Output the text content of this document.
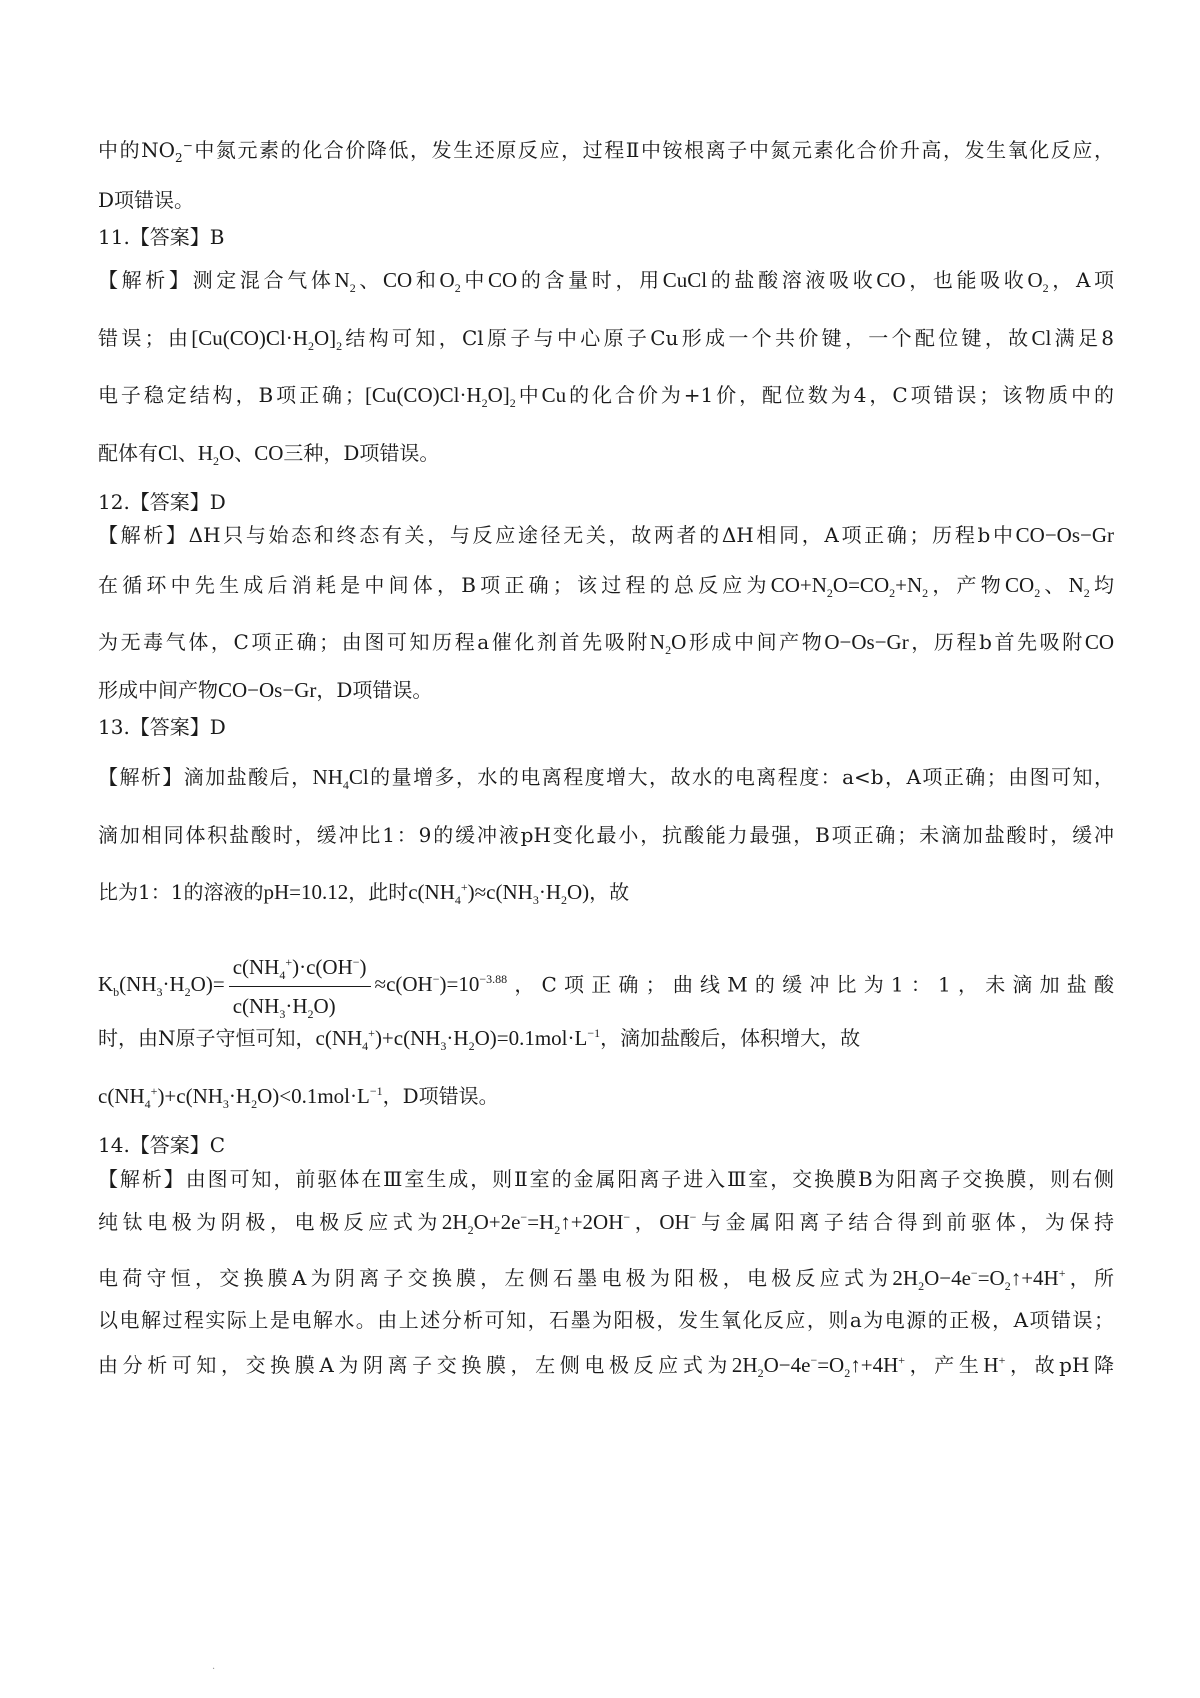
中的$NO_2^-$中氮元素的化合价降低，发生还原反应，过程Ⅱ中铵根离子中氮元素化合价升高，发生氧化反应，
D项错误。
11.【答案】B
【解析】测定混合气体$N_2$、CO和$O_2$中CO的含量时，用CuCl的盐酸溶液吸收CO，也能吸收$O_2$，A项
错误；由$[Cu(CO)Cl\cdot H_2O]_2$结构可知，Cl原子与中心原子Cu形成一个共价键，一个配位键，故Cl满足8
电子稳定结构，B项正确；$[Cu(CO)Cl\cdot H_2O]_2$中Cu的化合价为+1价，配位数为4，C项错误；该物质中的
配体有Cl、$H_2O$、CO三种，D项错误。
12.【答案】D
【解析】ΔH只与始态和终态有关，与反应途径无关，故两者的ΔH相同，A项正确；历程b中CO−Os−Gr
在循环中先生成后消耗是中间体，B项正确；该过程的总反应为$CO+N_2O=CO_2+N_2$，产物$CO_2$、$N_2$均
为无毒气体，C项正确；由图可知历程a催化剂首先吸附$N_2O$形成中间产物O−Os−Gr，历程b首先吸附CO
形成中间产物CO−Os−Gr，D项错误。
13.【答案】D
【解析】滴加盐酸后，$NH_4Cl$的量增多，水的电离程度增大，故水的电离程度：a<b，A项正确；由图可知，
滴加相同体积盐酸时，缓冲比1：9的缓冲液pH变化最小，抗酸能力最强，B项正确；未滴加盐酸时，缓冲
比为1：1的溶液的pH=10.12，此时$c(NH_4^+)\approx c(NH_3\cdot H_2O)$，故
$K_b(NH_3\cdot H_2O)= \frac{c(NH_4^+)\cdot c(OH^-)}{c(NH_3\cdot H_2O)} \approx c(OH^-)=10^{-3.88}$，C项正确；曲线M的缓冲比为1：1，未滴加盐酸
时，由N原子守恒可知，$c(NH_4^+)+c(NH_3\cdot H_2O)=0.1mol\cdot L^{-1}$，滴加盐酸后，体积增大，故
$c(NH_4^+)+c(NH_3\cdot H_2O)<0.1mol\cdot L^{-1}$，D项错误。
14.【答案】C
【解析】由图可知，前驱体在Ⅲ室生成，则Ⅱ室的金属阳离子进入Ⅲ室，交换膜B为阳离子交换膜，则右侧
纯钛电极为阴极，电极反应式为$2H_2O+2e^-=H_2↑+2OH^-$，OH−与金属阳离子结合得到前驱体，为保持
电荷守恒，交换膜A为阴离子交换膜，左侧石墨电极为阳极，电极反应式为$2H_2O-4e^-=O_2↑+4H^+$，所
以电解过程实际上是电解水。由上述分析可知，石墨为阳极，发生氧化反应，则a为电源的正极，A项错误；
由分析可知，交换膜A为阴离子交换膜，左侧电极反应式为$2H_2O-4e^-=O_2↑+4H^+$，产生H+，故pH降
·
